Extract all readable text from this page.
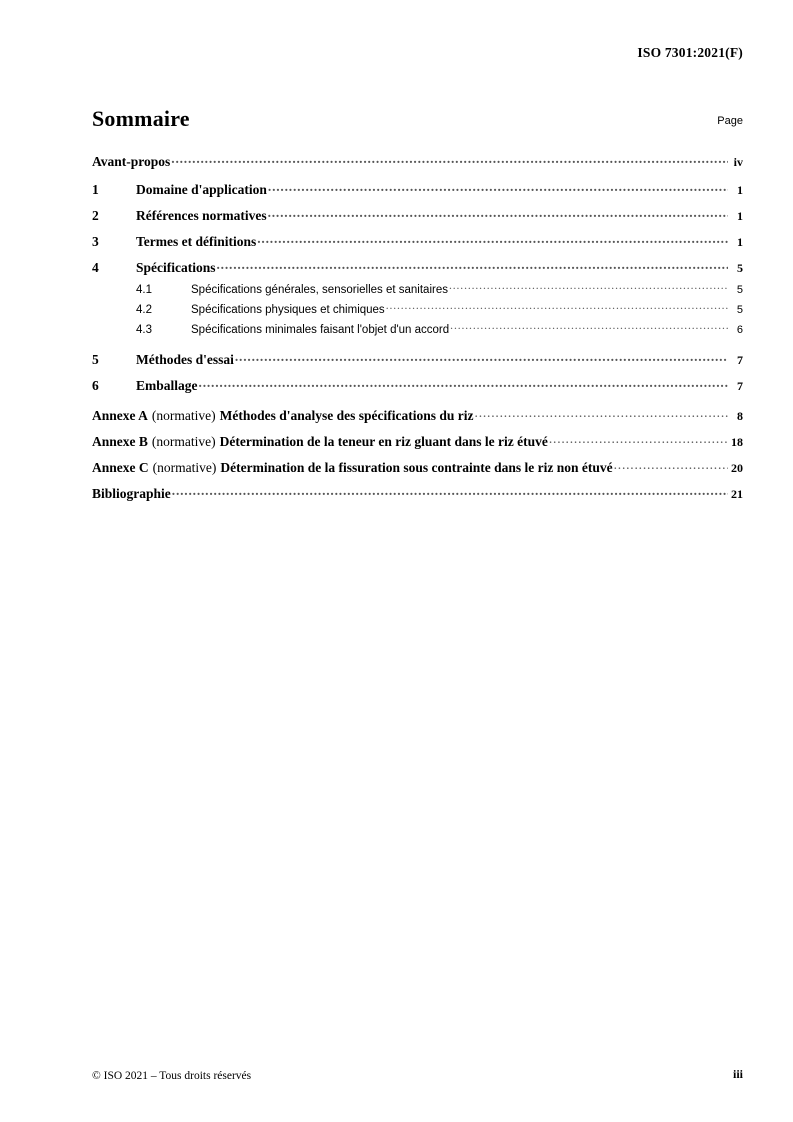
ISO 7301:2021(F)
Sommaire	Page
Avant-propos .....	iv
1	Domaine d'application .....	1
2	Références normatives .....	1
3	Termes et définitions .....	1
4	Spécifications .....	5
4.1	Spécifications générales, sensorielles et sanitaires .....	5
4.2	Spécifications physiques et chimiques .....	5
4.3	Spécifications minimales faisant l'objet d'un accord .....	6
5	Méthodes d'essai .....	7
6	Emballage .....	7
Annexe A (normative) Méthodes d'analyse des spécifications du riz .....	8
Annexe B (normative) Détermination de la teneur en riz gluant dans le riz étuvé .....	18
Annexe C (normative) Détermination de la fissuration sous contrainte dans le riz non étuvé .....	20
Bibliographie .....	21
© ISO 2021 – Tous droits réservés	iii
